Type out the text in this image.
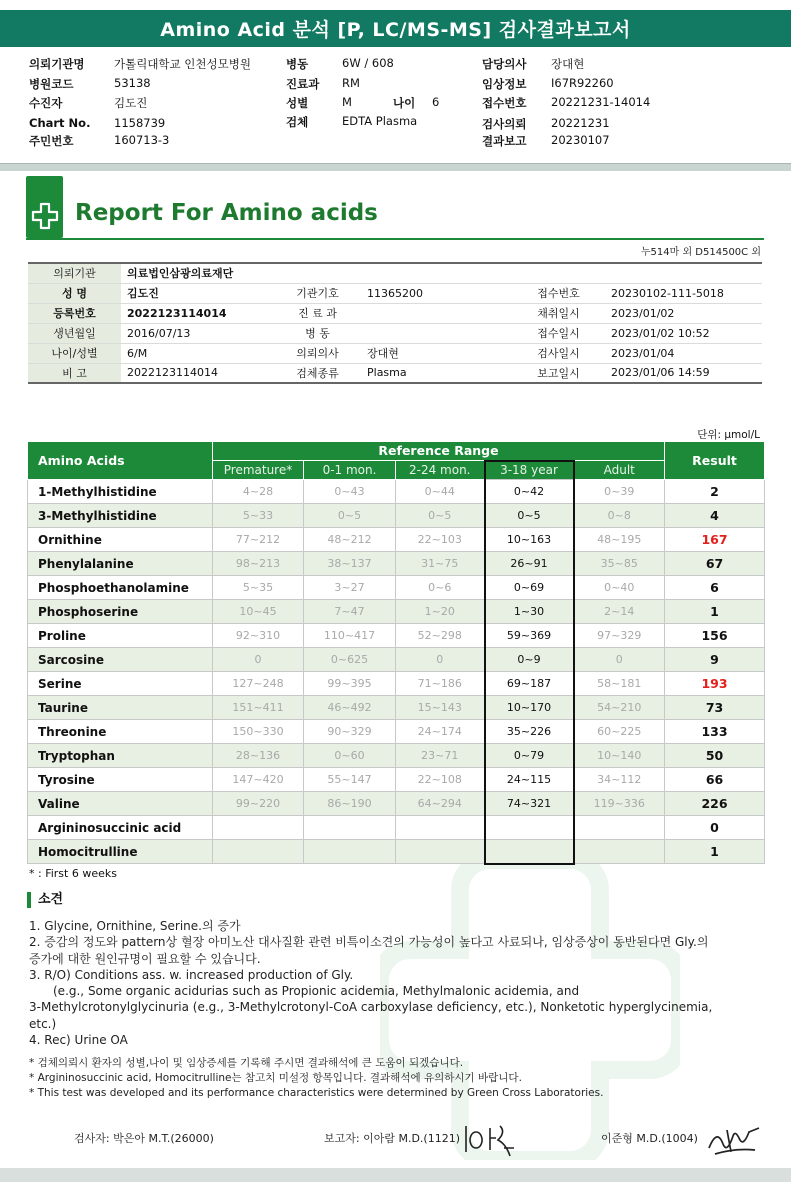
Amino Acid 분석 [P, LC/MS-MS] 검사결과보고서
의뢰기관명	가톨릭대학교 인천성모병원
병원코드	53138
수진자	김도진
Chart No. 1158739
주민번호	160713-3
병동	6W / 608
진료과 RM
성별	M	나이 6
검체	EDTA Plasma
담당의사 장대현
임상정보 I67R92260
접수번호 20221231-14014
검사의뢰 20221231
결과보고 20230107
Report For Amino acids
누514마 외 D514500C 외
의뢰기관	의료법인삼광의료재단				
성 명	김도진	기관기호	11365200	접수번호	20230102-111-5018
등록번호	2022123114014	진 료 과		채취일시	2023/01/02
생년월일	2016/07/13	병 동		접수일시	2023/01/02 10:52
나이/성별	6/M	의뢰의사	장대현	검사일시	2023/01/04
비 고	2022123114014	검체종류	Plasma	보고일시	2023/01/06 14:59
단위: μmol/L
Amino Acids	Reference Range					Result
	Premature*	0-1 mon.	2-24 mon.	3-18 year	Adult	
1-Methylhistidine	4~28	0~43	0~44	0~42	0~39	2
3-Methylhistidine	5~33	0~5	0~5	0~5	0~8	4
Ornithine	77~212	48~212	22~103	10~163	48~195	167
Phenylalanine	98~213	38~137	31~75	26~91	35~85	67
Phosphoethanolamine	5~35	3~27	0~6	0~69	0~40	6
Phosphoserine	10~45	7~47	1~20	1~30	2~14	1
Proline	92~310	110~417	52~298	59~369	97~329	156
Sarcosine	0	0~625	0	0~9	0	9
Serine	127~248	99~395	71~186	69~187	58~181	193
Taurine	151~411	46~492	15~143	10~170	54~210	73
Threonine	150~330	90~329	24~174	35~226	60~225	133
Tryptophan	28~136	0~60	23~71	0~79	10~140	50
Tyrosine	147~420	55~147	22~108	24~115	34~112	66
Valine	99~220	86~190	64~294	74~321	119~336	226
Argininosuccinic acid						0
Homocitrulline						1
* : First 6 weeks
소견

1. Glycine, Ornithine, Serine.의 증가

2. 증감의 정도와 pattern상 혈장 아미노산 대사질환 관련 비특이소견의 가능성이 높다고 사료되나, 임상증상이 동반된다면 Gly.의

증가에 대한 원인규명이 필요할 수 있습니다.

3. R/O) Conditions ass. w. increased production of Gly.

(e.g., Some organic acidurias such as Propionic acidemia, Methylmalonic acidemia, and

3-Methylcrotonylglycinuria (e.g., 3-Methylcrotonyl-CoA carboxylase deficiency, etc.), Nonketotic hyperglycinemia,

etc.)

4. Rec) Urine OA

* 검체의뢰시 환자의 성별,나이 및 임상증세를 기록해 주시면 결과해석에 큰 도움이 되겠습니다.
* Argininosuccinic acid, Homocitrulline는 참고치 미설정 항목입니다. 결과해석에 유의하시기 바랍니다.
* This test was developed and its performance characteristics were determined by Green Cross Laboratories.
검사자: 박은아 M.T.(26000)	보고자: 이아람 M.D.(1121)	이준형 M.D.(1004)
